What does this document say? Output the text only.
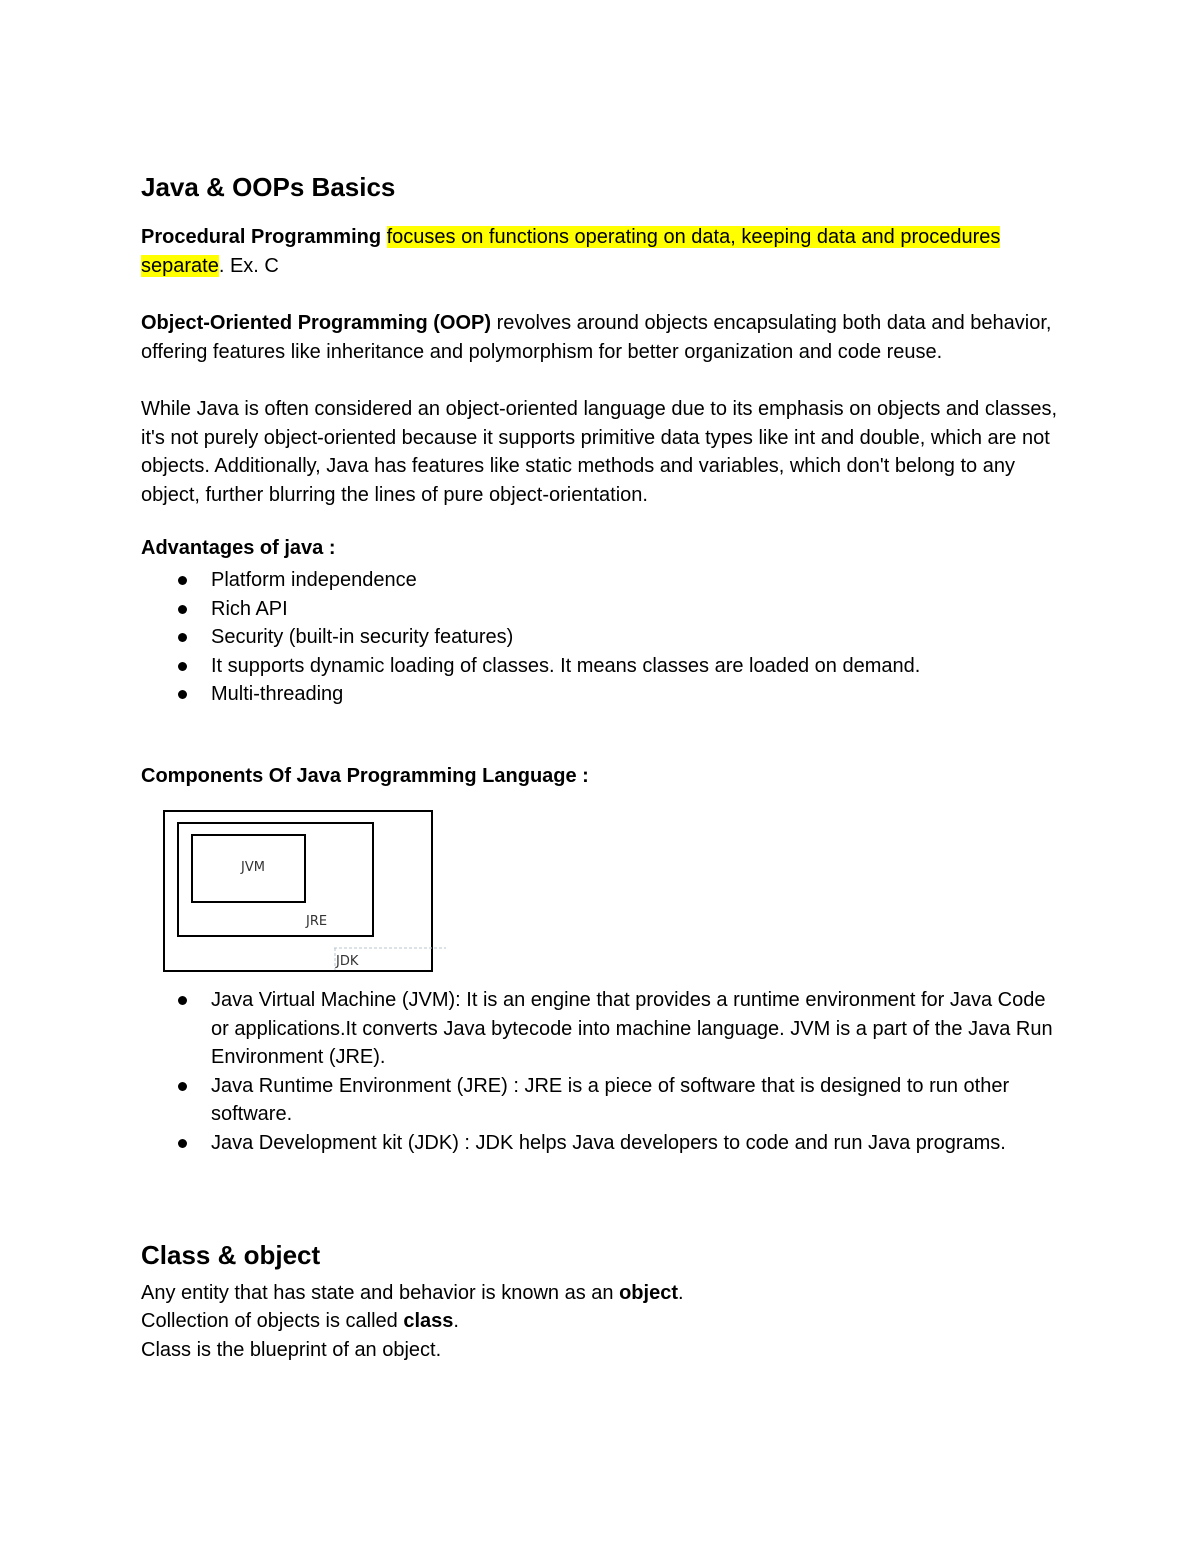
Java & OOPs Basics

Procedural Programming focuses on functions operating on data, keeping data and procedures separate. Ex. C

Object-Oriented Programming (OOP) revolves around objects encapsulating both data and behavior, offering features like inheritance and polymorphism for better organization and code reuse.

While Java is often considered an object-oriented language due to its emphasis on objects and classes, it's not purely object-oriented because it supports primitive data types like int and double, which are not objects. Additionally, Java has features like static methods and variables, which don't belong to any object, further blurring the lines of pure object-orientation.

Advantages of java :
Platform independence
Rich API
Security (built-in security features)
It supports dynamic loading of classes. It means classes are loaded on demand.
Multi-threading
Components Of Java Programming Language :
JVM
JRE
JDK
Java Virtual Machine (JVM): It is an engine that provides a runtime environment for Java Code or applications.It converts Java bytecode into machine language. JVM is a part of the Java Run Environment (JRE).
Java Runtime Environment (JRE) : JRE is a piece of software that is designed to run other software.
Java Development kit (JDK) : JDK helps Java developers to code and run Java programs.
Class & object

Any entity that has state and behavior is known as an object.

Collection of objects is called class.

Class is the blueprint of an object.
